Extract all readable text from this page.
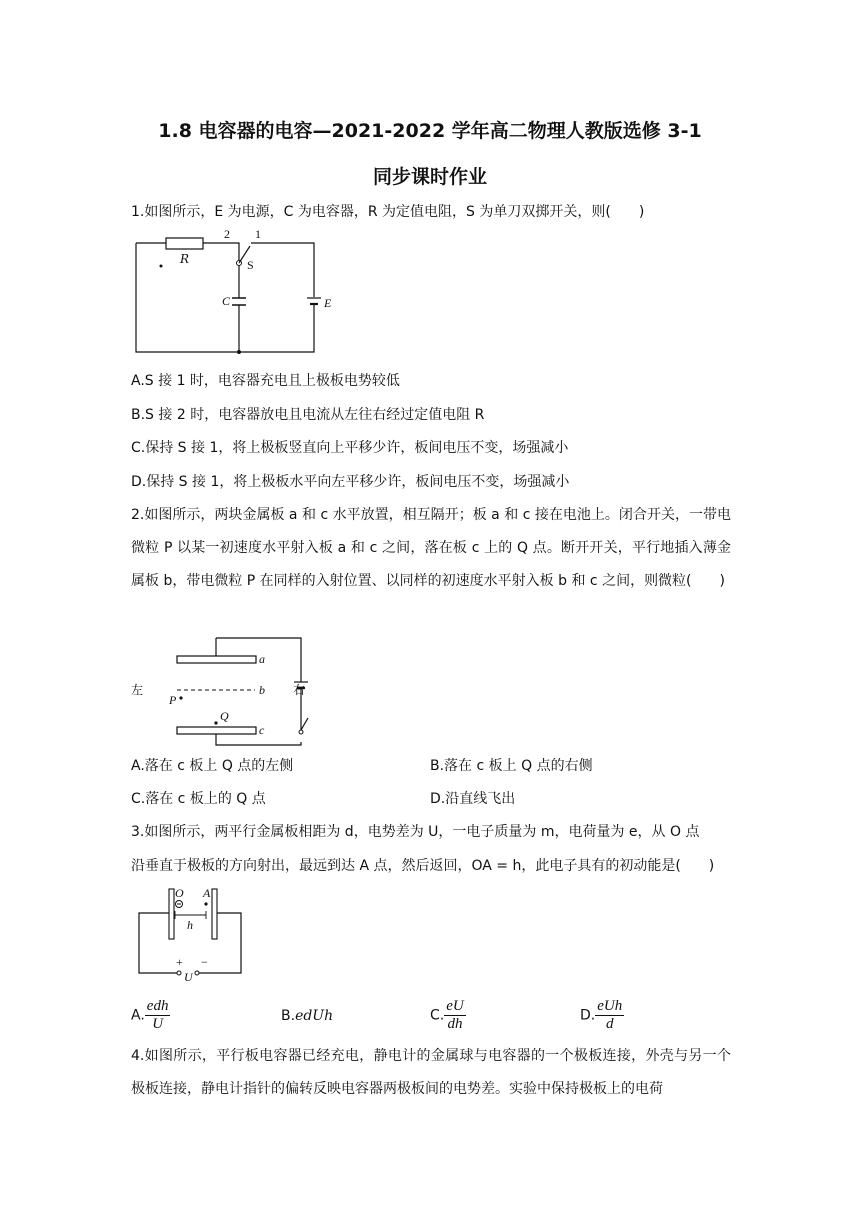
1.8 电容器的电容—2021-2022 学年高二物理人教版选修 3-1
同步课时作业
1.如图所示，E 为电源，C 为电容器，R 为定值电阻，S 为单刀双掷开关，则(　　)
R
2 1
S
C	E
A.S 接 1 时，电容器充电且上极板电势较低
B.S 接 2 时，电容器放电且电流从左往右经过定值电阻 R
C.保持 S 接 1，将上极板竖直向上平移少许，板间电压不变，场强减小
D.保持 S 接 1，将上极板水平向左平移少许，板间电压不变，场强减小
2.如图所示，两块金属板 a 和 c 水平放置，相互隔开；板 a 和 c 接在电池上。闭合开关，一带电微粒 P 以某一初速度水平射入板 a 和 c 之间，落在板 c 上的 Q 点。断开开关，平行地插入薄金属板 b，带电微粒 P 在同样的入射位置、以同样的初速度水平射入板 b 和 c 之间，则微粒(　　)
a
b
c
P
Q
左	右
A.落在 c 板上 Q 点的左侧	B.落在 c 板上 Q 点的右侧
C.落在 c 板上的 Q 点	D.沿直线飞出
3.如图所示，两平行金属板相距为 d，电势差为 U，一电子质量为 m，电荷量为 e，从 O 点
沿垂直于极板的方向射出，最远到达 A 点，然后返回，OA = h，此电子具有的初动能是(　　)
O A
h
+ −
U
A. $\frac{\text{edh}}{U}$	B.edUh	C. $\frac{eU}{dh}$	D. $\frac{\text{eUh}}{d}$
4.如图所示，平行板电容器已经充电，静电计的金属球与电容器的一个极板连接，外壳与另一个极板连接，静电计指针的偏转反映电容器两极板间的电势差。实验中保持极板上的电荷
